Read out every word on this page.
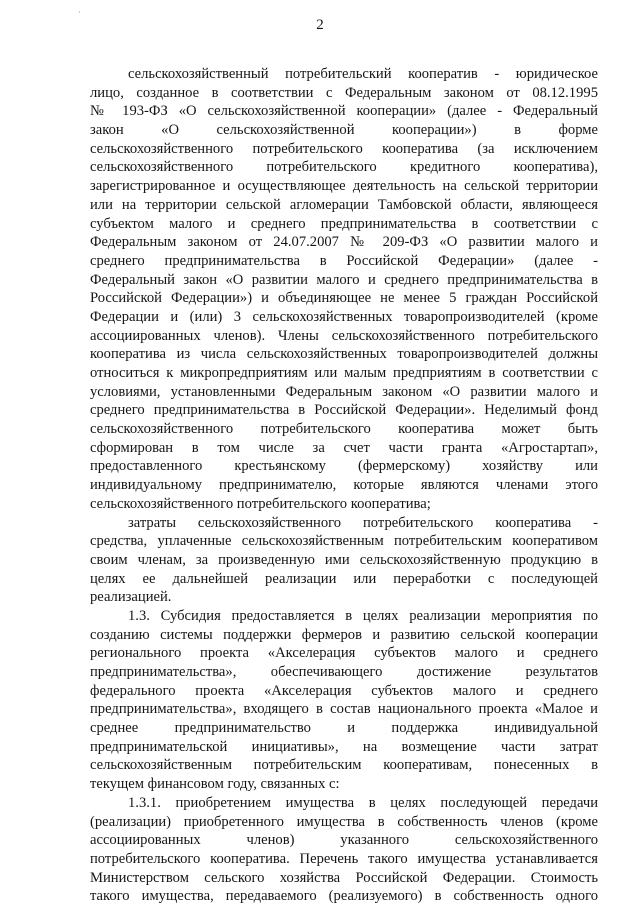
·
2
сельскохозяйственный потребительский кооператив - юридическое
лицо, созданное в соответствии с Федеральным законом от 08.12.1995
№ 193-ФЗ «О сельскохозяйственной кооперации» (далее - Федеральный
закон «О сельскохозяйственной кооперации») в форме
сельскохозяйственного потребительского кооператива (за исключением
сельскохозяйственного потребительского кредитного кооператива),
зарегистрированное и осуществляющее деятельность на сельской территории
или на территории сельской агломерации Тамбовской области, являющееся
субъектом малого и среднего предпринимательства в соответствии с
Федеральным законом от 24.07.2007 № 209-ФЗ «О развитии малого и
среднего предпринимательства в Российской Федерации» (далее -
Федеральный закон «О развитии малого и среднего предпринимательства в
Российской Федерации») и объединяющее не менее 5 граждан Российской
Федерации и (или) 3 сельскохозяйственных товаропроизводителей (кроме
ассоциированных членов). Члены сельскохозяйственного потребительского
кооператива из числа сельскохозяйственных товаропроизводителей должны
относиться к микропредприятиям или малым предприятиям в соответствии с
условиями, установленными Федеральным законом «О развитии малого и
среднего предпринимательства в Российской Федерации». Неделимый фонд
сельскохозяйственного потребительского кооператива может быть
сформирован в том числе за счет части гранта «Агростартап»,
предоставленного крестьянскому (фермерскому) хозяйству или
индивидуальному предпринимателю, которые являются членами этого
сельскохозяйственного потребительского кооператива;
затраты сельскохозяйственного потребительского кооператива -
средства, уплаченные сельскохозяйственным потребительским кооперативом
своим членам, за произведенную ими сельскохозяйственную продукцию в
целях ее дальнейшей реализации или переработки с последующей
реализацией.
1.3. Субсидия предоставляется в целях реализации мероприятия по
созданию системы поддержки фермеров и развитию сельской кооперации
регионального проекта «Акселерация субъектов малого и среднего
предпринимательства», обеспечивающего достижение результатов
федерального проекта «Акселерация субъектов малого и среднего
предпринимательства», входящего в состав национального проекта «Малое и
среднее предпринимательство и поддержка индивидуальной
предпринимательской инициативы», на возмещение части затрат
сельскохозяйственным потребительским кооперативам, понесенных в
текущем финансовом году, связанных с:
1.3.1. приобретением имущества в целях последующей передачи
(реализации) приобретенного имущества в собственность членов (кроме
ассоциированных членов) указанного сельскохозяйственного
потребительского кооператива. Перечень такого имущества устанавливается
Министерством сельского хозяйства Российской Федерации. Стоимость
такого имущества, передаваемого (реализуемого) в собственность одного
